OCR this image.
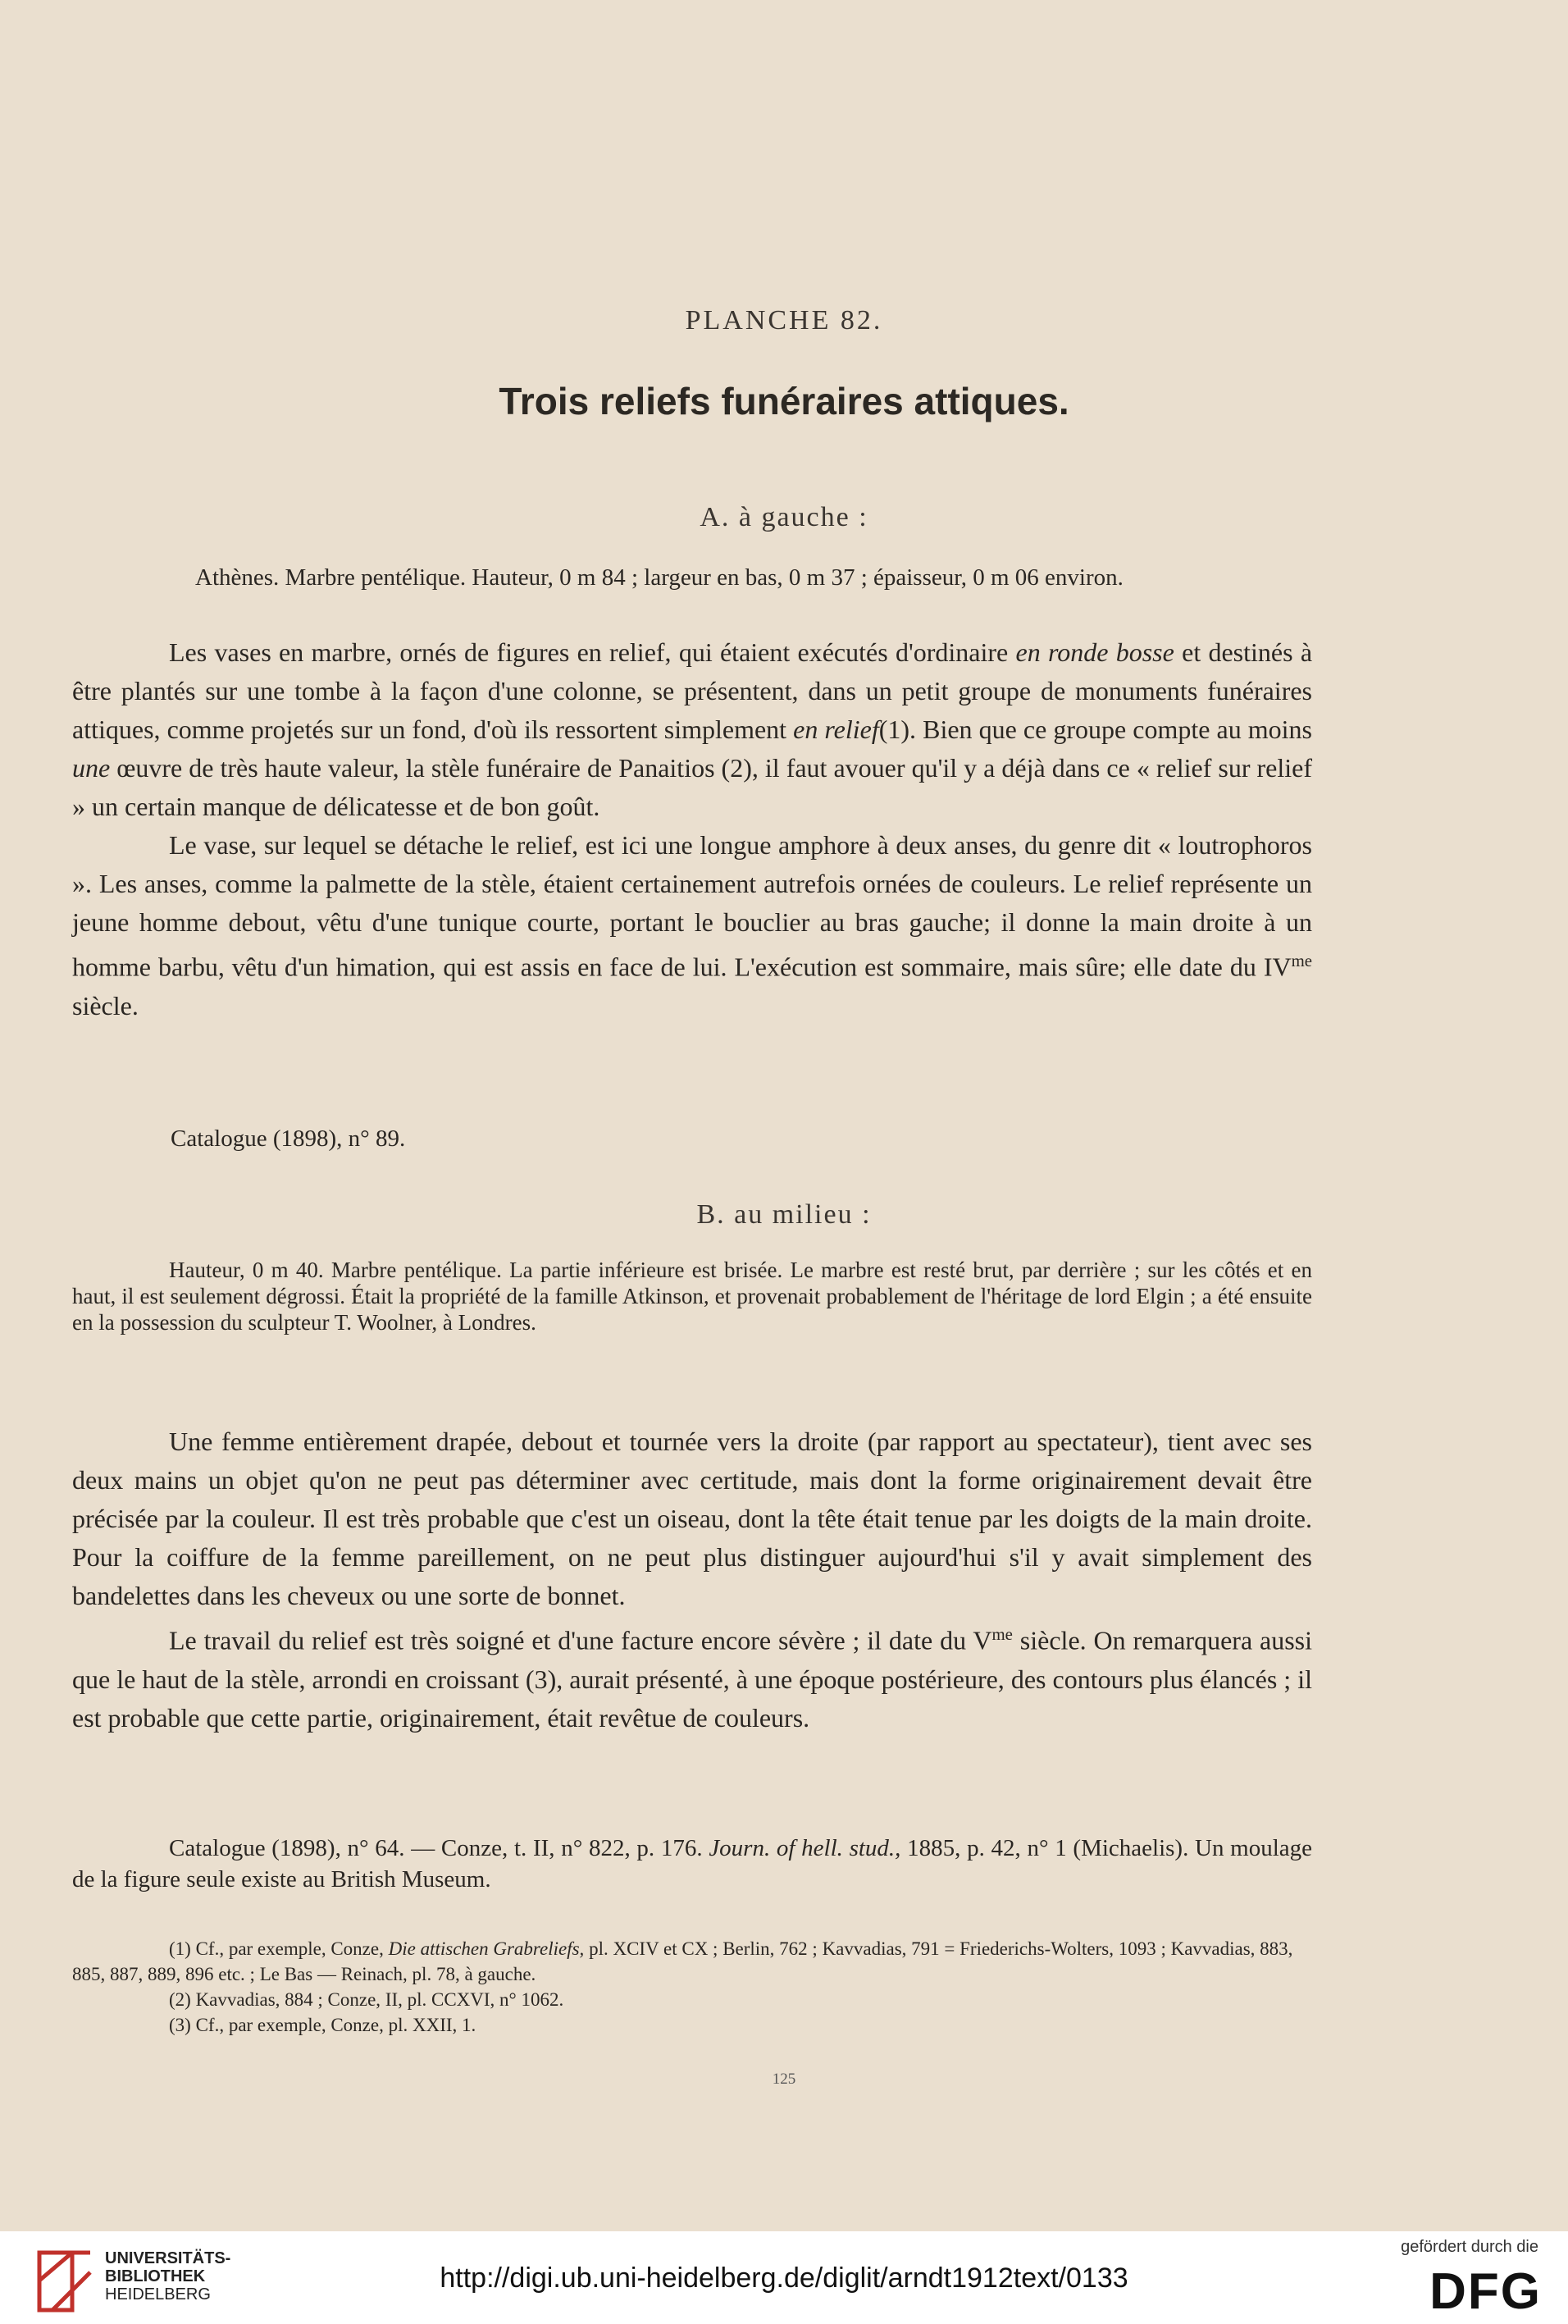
PLANCHE 82.
Trois reliefs funéraires attiques.
A. à gauche :
Athènes. Marbre pentélique. Hauteur, 0 m 84 ; largeur en bas, 0 m 37 ; épaisseur, 0 m 06 environ.

Les vases en marbre, ornés de figures en relief, qui étaient exécutés d'ordinaire en ronde bosse et destinés à être plantés sur une tombe à la façon d'une colonne, se présentent, dans un petit groupe de monuments funéraires attiques, comme projetés sur un fond, d'où ils ressortent simplement en relief(1). Bien que ce groupe compte au moins une œuvre de très haute valeur, la stèle funéraire de Panaitios (2), il faut avouer qu'il y a déjà dans ce « relief sur relief » un certain manque de délicatesse et de bon goût.

Le vase, sur lequel se détache le relief, est ici une longue amphore à deux anses, du genre dit « loutrophoros ». Les anses, comme la palmette de la stèle, étaient certainement autrefois ornées de couleurs. Le relief représente un jeune homme debout, vêtu d'une tunique courte, portant le bouclier au bras gauche; il donne la main droite à un homme barbu, vêtu d'un himation, qui est assis en face de lui. L'exécution est sommaire, mais sûre; elle date du $IV^{me}$ siècle.

Catalogue (1898), n° 89.
B. au milieu :
Hauteur, 0 m 40. Marbre pentélique. La partie inférieure est brisée. Le marbre est resté brut, par derrière ; sur les côtés et en haut, il est seulement dégrossi. Était la propriété de la famille Atkinson, et provenait probablement de l'héritage de lord Elgin ; a été ensuite en la possession du sculpteur T. Woolner, à Londres.

Une femme entièrement drapée, debout et tournée vers la droite (par rapport au spectateur), tient avec ses deux mains un objet qu'on ne peut pas déterminer avec certitude, mais dont la forme originairement devait être précisée par la couleur. Il est très probable que c'est un oiseau, dont la tête était tenue par les doigts de la main droite. Pour la coiffure de la femme pareillement, on ne peut plus distinguer aujourd'hui s'il y avait simplement des bandelettes dans les cheveux ou une sorte de bonnet.

Le travail du relief est très soigné et d'une facture encore sévère ; il date du $V^{me}$ siècle. On remarquera aussi que le haut de la stèle, arrondi en croissant (3), aurait présenté, à une époque postérieure, des contours plus élancés ; il est probable que cette partie, originairement, était revêtue de couleurs.

Catalogue (1898), n° 64. — Conze, t. II, n° 822, p. 176. Journ. of hell. stud., 1885, p. 42, n° 1 (Michaelis). Un moulage de la figure seule existe au British Museum.
(1) Cf., par exemple, Conze, Die attischen Grabreliefs, pl. XCIV et CX ; Berlin, 762 ; Kavvadias, 791 = Friederichs-Wolters, 1093 ; Kavvadias, 883, 885, 887, 889, 896 etc. ; Le Bas — Reinach, pl. 78, à gauche.
(2) Kavvadias, 884 ; Conze, II, pl. CCXVI, n° 1062.
(3) Cf., par exemple, Conze, pl. XXII, 1.
125
UNIVERSITÄTS-
BIBLIOTHEK
HEIDELBERG
http://digi.ub.uni-heidelberg.de/diglit/arndt1912text/0133
gefördert durch die
DFG
